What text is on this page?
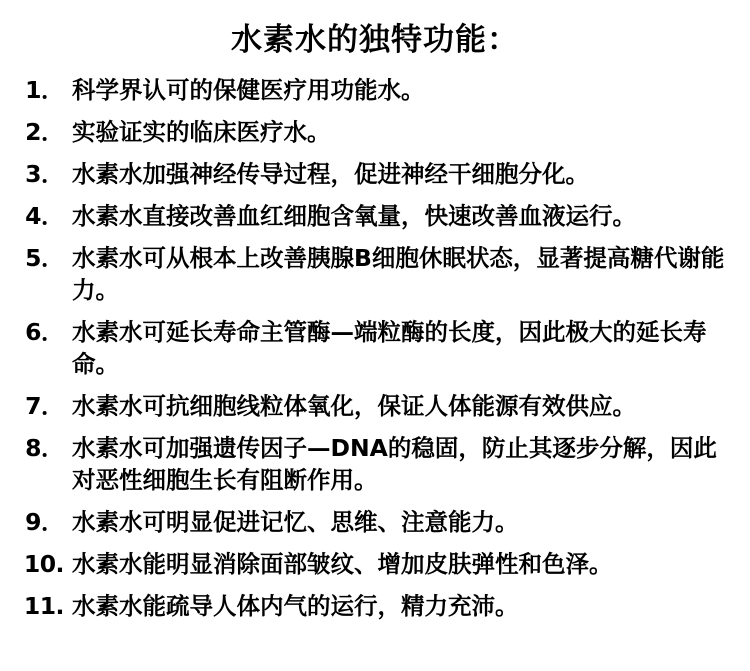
水素水的独特功能：
1． 科学界认可的保健医疗用功能水。
2． 实验证实的临床医疗水。
3． 水素水加强神经传导过程，促进神经干细胞分化。
4． 水素水直接改善血红细胞含氧量，快速改善血液运行。
5． 水素水可从根本上改善胰腺B细胞休眠状态，显著提高糖代谢能力。
6． 水素水可延长寿命主管酶—端粒酶的长度，因此极大的延长寿命。
7． 水素水可抗细胞线粒体氧化，保证人体能源有效供应。
8． 水素水可加强遗传因子—DNA的稳固，防止其逐步分解，因此对恶性细胞生长有阻断作用。
9． 水素水可明显促进记忆、思维、注意能力。
10. 水素水能明显消除面部皱纹、增加皮肤弹性和色泽。
11. 水素水能疏导人体内气的运行，精力充沛。
